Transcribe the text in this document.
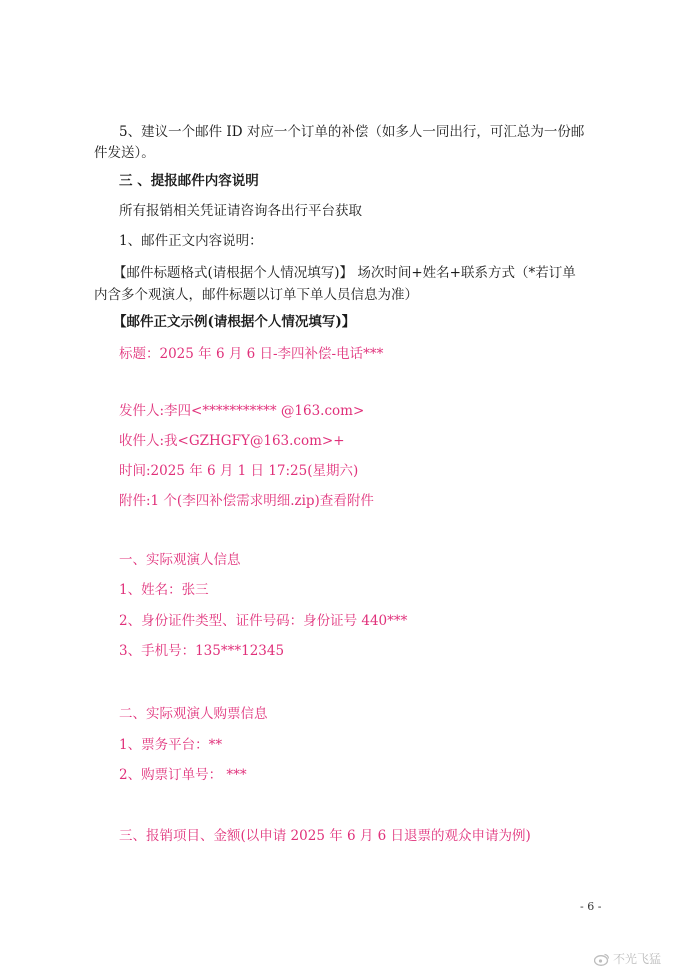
5、建议一个邮件 ID 对应一个订单的补偿（如多人一同出行，可汇总为一份邮
件发送）。
三 、提报邮件内容说明
所有报销相关凭证请咨询各出行平台获取
1、邮件正文内容说明：
【邮件标题格式(请根据个人情况填写)】 场次时间+姓名+联系方式（*若订单
内含多个观演人，邮件标题以订单下单人员信息为准）
【邮件正文示例(请根据个人情况填写)】
标题：2025 年 6 月 6 日-李四补偿-电话***
发件人:李四<*********** @163.com>
收件人:我<GZHGFY@163.com>+
时间:2025 年 6 月 1 日 17:25(星期六)
附件:1 个(李四补偿需求明细.zip)查看附件
一、实际观演人信息
1、姓名：张三
2、身份证件类型、证件号码：身份证号 440***
3、手机号：135***12345
二、实际观演人购票信息
1、票务平台：**
2、购票订单号： ***
三、报销项目、金额(以申请 2025 年 6 月 6 日退票的观众申请为例)
- 6 -
不光飞猛
